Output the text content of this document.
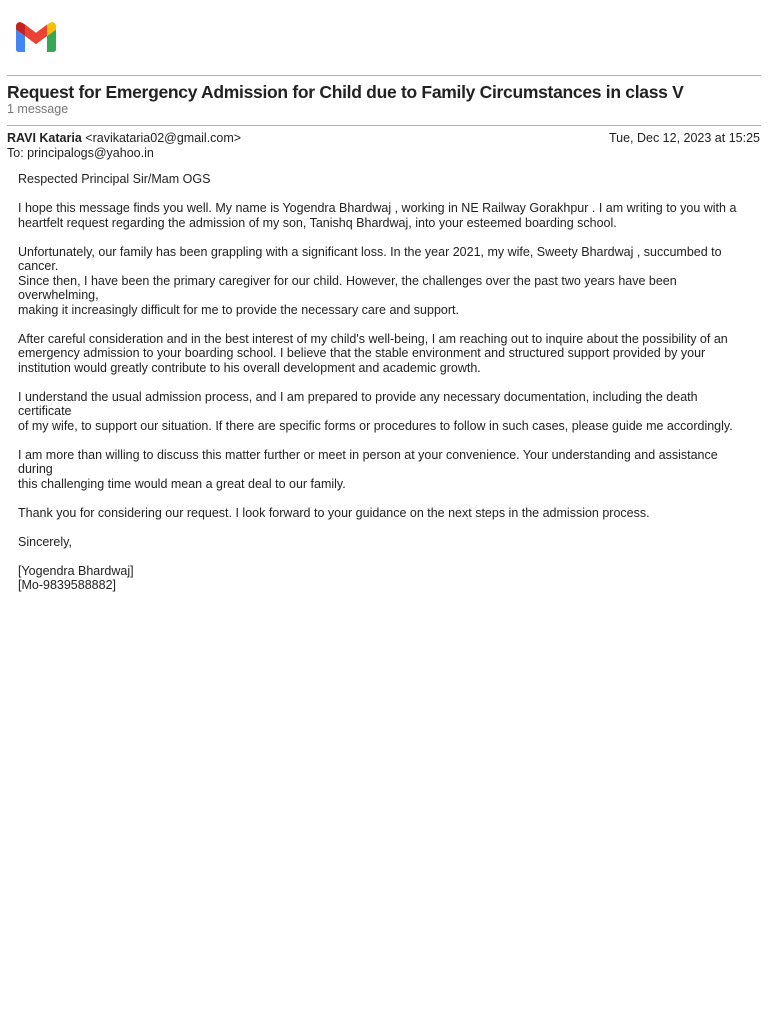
Request for Emergency Admission for Child due to Family Circumstances in class V
1 message
RAVI Kataria <ravikataria02@gmail.com>	Tue, Dec 12, 2023 at 15:25
To: principalogs@yahoo.in

Respected Principal Sir/Mam OGS

I hope this message finds you well. My name is Yogendra Bhardwaj , working in NE Railway Gorakhpur . I am writing to you with a
heartfelt request regarding the admission of my son, Tanishq Bhardwaj, into your esteemed boarding school.

Unfortunately, our family has been grappling with a significant loss. In the year 2021, my wife, Sweety Bhardwaj , succumbed to cancer.
Since then, I have been the primary caregiver for our child. However, the challenges over the past two years have been overwhelming,
making it increasingly difficult for me to provide the necessary care and support.

After careful consideration and in the best interest of my child's well-being, I am reaching out to inquire about the possibility of an
emergency admission to your boarding school. I believe that the stable environment and structured support provided by your
institution would greatly contribute to his overall development and academic growth.

I understand the usual admission process, and I am prepared to provide any necessary documentation, including the death certificate
of my wife, to support our situation. If there are specific forms or procedures to follow in such cases, please guide me accordingly.

I am more than willing to discuss this matter further or meet in person at your convenience. Your understanding and assistance during
this challenging time would mean a great deal to our family.

Thank you for considering our request. I look forward to your guidance on the next steps in the admission process.

Sincerely,

[Yogendra Bhardwaj]
[Mo-9839588882]
